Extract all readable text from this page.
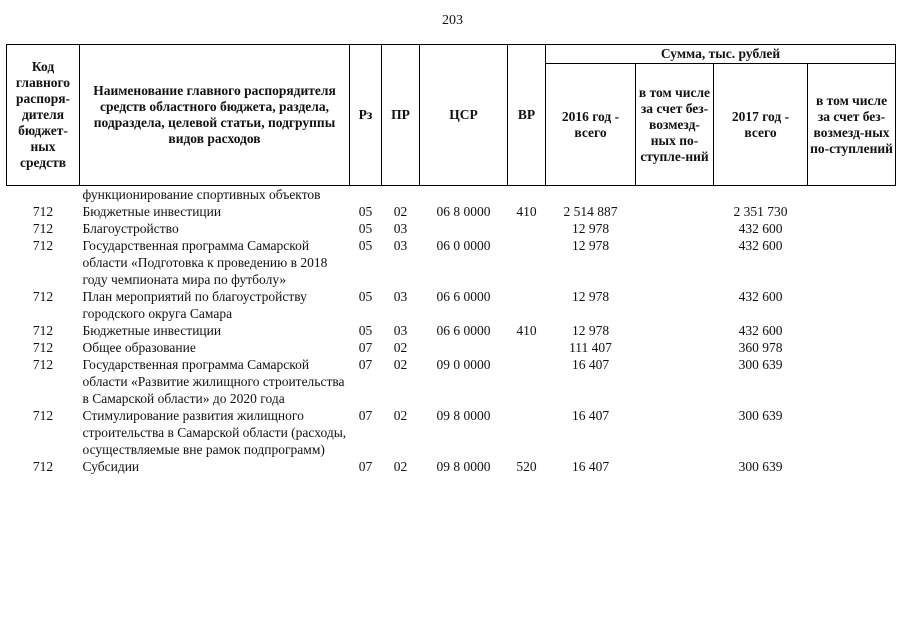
203
Код главного распоря-дителя бюджет-ных средств	Наименование главного распорядителя средств областного бюджета, раздела, подраздела, целевой статьи, подгруппы видов расходов	Рз	ПР	ЦСР	ВР	Сумма, тыс. рублей			
						2016 год - всего	в том числе за счет без-возмезд-ных по-ступле-ний	2017 год - всего	в том числе за счет без-возмезд-ных по-ступлений
	функционирование спортивных объектов								
712	Бюджетные инвестиции	05	02	06 8 0000	410	2 514 887		2 351 730	
712	Благоустройство	05	03			12 978		432 600	
712	Государственная программа Самарской области «Подготовка к проведению в 2018 году чемпионата мира по футболу»	05	03	06 0 0000		12 978		432 600	
712	План мероприятий по благоустройству городского округа Самара	05	03	06 6 0000		12 978		432 600	
712	Бюджетные инвестиции	05	03	06 6 0000	410	12 978		432 600	
712	Общее образование	07	02			111 407		360 978	
712	Государственная программа Самарской области «Развитие жилищного строительства в Самарской области» до 2020 года	07	02	09 0 0000		16 407		300 639	
712	Стимулирование развития жилищного строительства в Самарской области (расходы, осуществляемые вне рамок подпрограмм)	07	02	09 8 0000		16 407		300 639	
712	Субсидии	07	02	09 8 0000	520	16 407		300 639	
